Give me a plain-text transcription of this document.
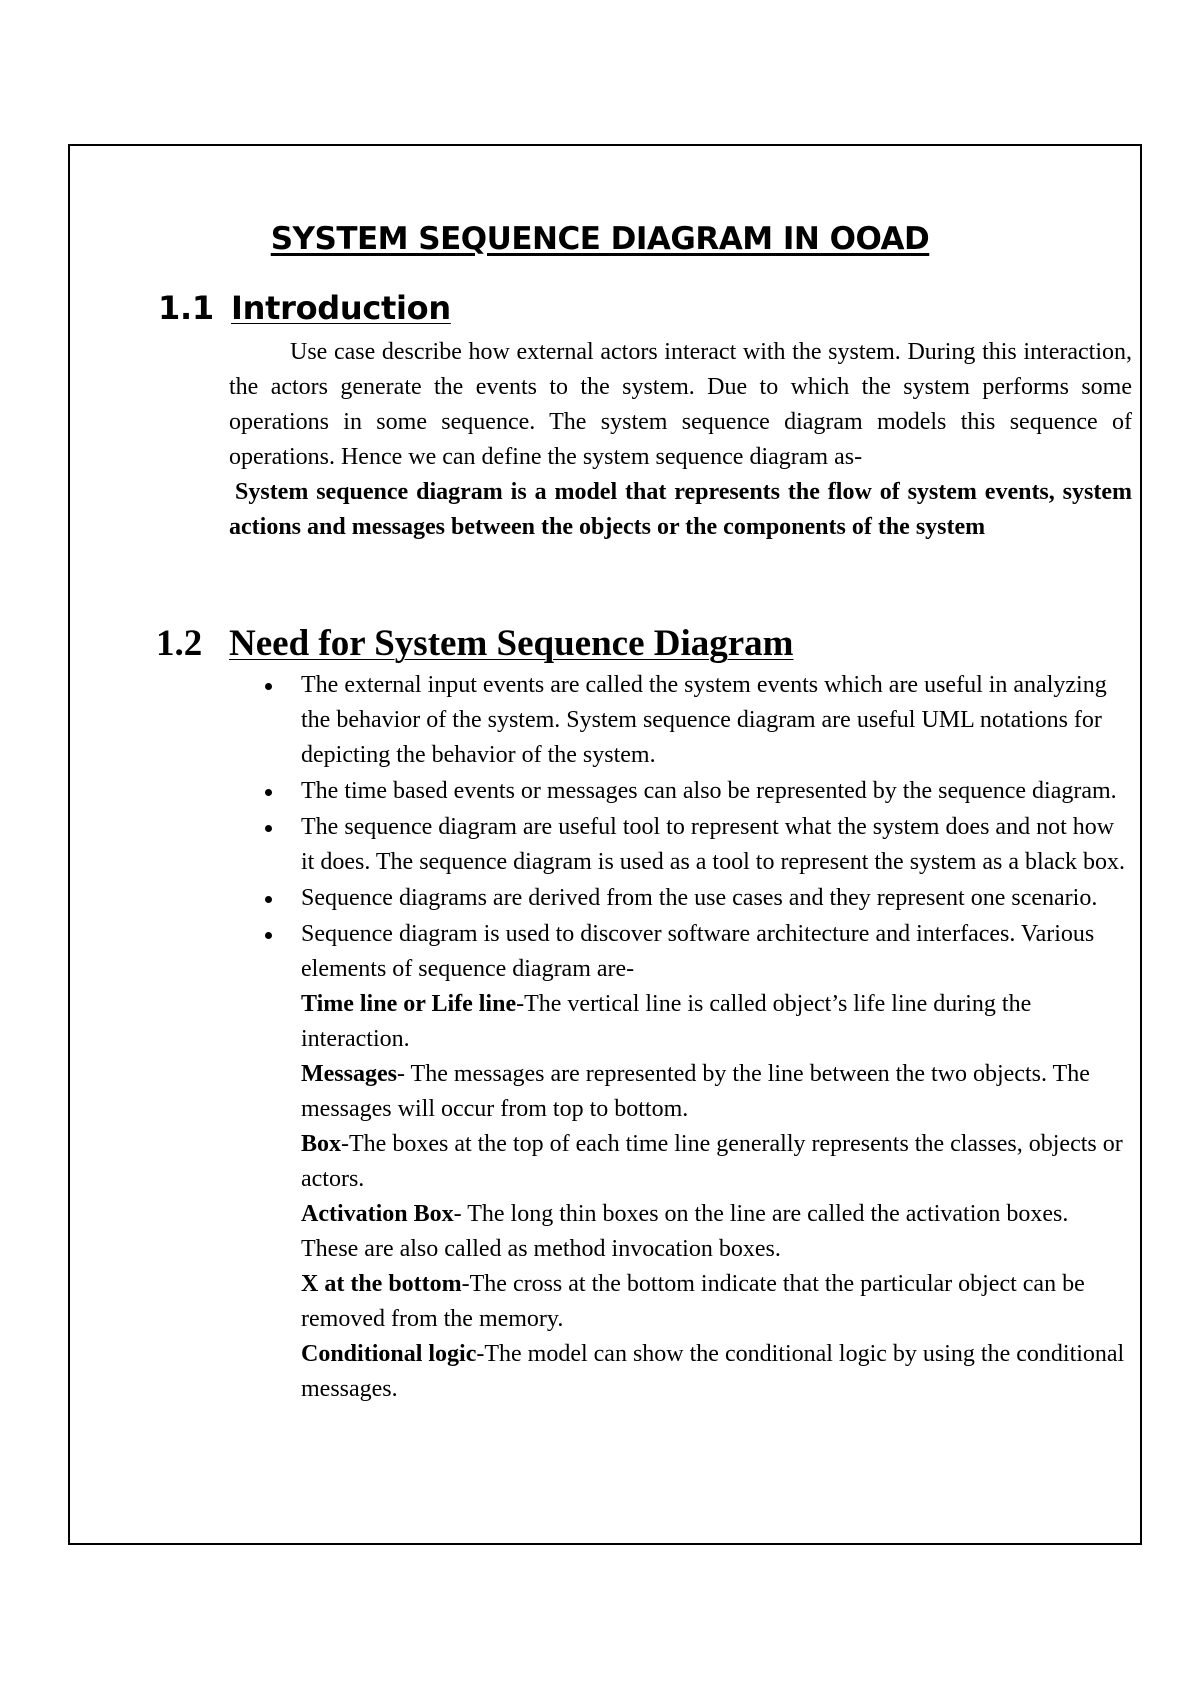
SYSTEM SEQUENCE DIAGRAM IN OOAD
1.1 Introduction

Use case describe how external actors interact with the system. During this interaction, the actors generate the events to the system. Due to which the system performs some operations in some sequence. The system sequence diagram models this sequence of operations. Hence we can define the system sequence diagram as-

System sequence diagram is a model that represents the flow of system events, system actions and messages between the objects or the components of the system

1.2 Need for System Sequence Diagram
The external input events are called the system events which are useful in analyzing the behavior of the system. System sequence diagram are useful UML notations for depicting the behavior of the system.
The time based events or messages can also be represented by the sequence diagram.
The sequence diagram are useful tool to represent what the system does and not how it does. The sequence diagram is used as a tool to represent the system as a black box.
Sequence diagrams are derived from the use cases and they represent one scenario.
Sequence diagram is used to discover software architecture and interfaces. Various elements of sequence diagram are-
Time line or Life line-The vertical line is called object’s life line during the interaction.
Messages- The messages are represented by the line between the two objects. The messages will occur from top to bottom.
Box-The boxes at the top of each time line generally represents the classes, objects or actors.
Activation Box- The long thin boxes on the line are called the activation boxes. These are also called as method invocation boxes.
X at the bottom-The cross at the bottom indicate that the particular object can be removed from the memory.
Conditional logic-The model can show the conditional logic by using the conditional messages.
